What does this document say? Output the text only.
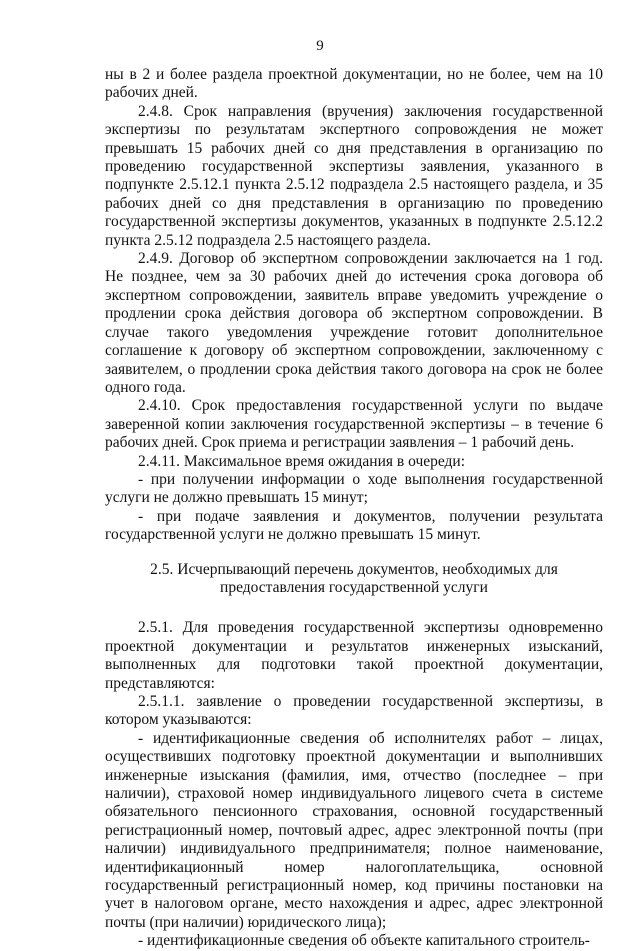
9

ны в 2 и более раздела проектной документации, но не более, чем на 10 рабочих дней.

2.4.8. Срок направления (вручения) заключения государственной экспертизы по результатам экспертного сопровождения не может превышать 15 рабочих дней со дня представления в организацию по проведению государственной экспертизы заявления, указанного в подпункте 2.5.12.1 пункта 2.5.12 подраздела 2.5 настоящего раздела, и 35 рабочих дней со дня представления в организацию по проведению государственной экспертизы документов, указанных в подпункте 2.5.12.2 пункта 2.5.12 подраздела 2.5 настоящего раздела.

2.4.9. Договор об экспертном сопровождении заключается на 1 год. Не позднее, чем за 30 рабочих дней до истечения срока договора об экспертном сопровождении, заявитель вправе уведомить учреждение о продлении срока действия договора об экспертном сопровождении. В случае такого уведомления учреждение готовит дополнительное соглашение к договору об экспертном сопровождении, заключенному с заявителем, о продлении срока действия такого договора на срок не более одного года.

2.4.10. Срок предоставления государственной услуги по выдаче заверенной копии заключения государственной экспертизы – в течение 6 рабочих дней. Срок приема и регистрации заявления – 1 рабочий день.

2.4.11. Максимальное время ожидания в очереди:

- при получении информации о ходе выполнения государственной услуги не должно превышать 15 минут;

- при подаче заявления и документов, получении результата государственной услуги не должно превышать 15 минут.

2.5. Исчерпывающий перечень документов, необходимых для предоставления государственной услуги

2.5.1. Для проведения государственной экспертизы одновременно проектной документации и результатов инженерных изысканий, выполненных для подготовки такой проектной документации, представляются:

2.5.1.1. заявление о проведении государственной экспертизы, в котором указываются:

- идентификационные сведения об исполнителях работ – лицах, осуществивших подготовку проектной документации и выполнивших инженерные изыскания (фамилия, имя, отчество (последнее – при наличии), страховой номер индивидуального лицевого счета в системе обязательного пенсионного страхования, основной государственный регистрационный номер, почтовый адрес, адрес электронной почты (при наличии) индивидуального предпринимателя; полное наименование, идентификационный номер налогоплательщика, основной государственный регистрационный номер, код причины постановки на учет в налоговом органе, место нахождения и адрес, адрес электронной почты (при наличии) юридического лица);

- идентификационные сведения об объекте капитального строитель-
